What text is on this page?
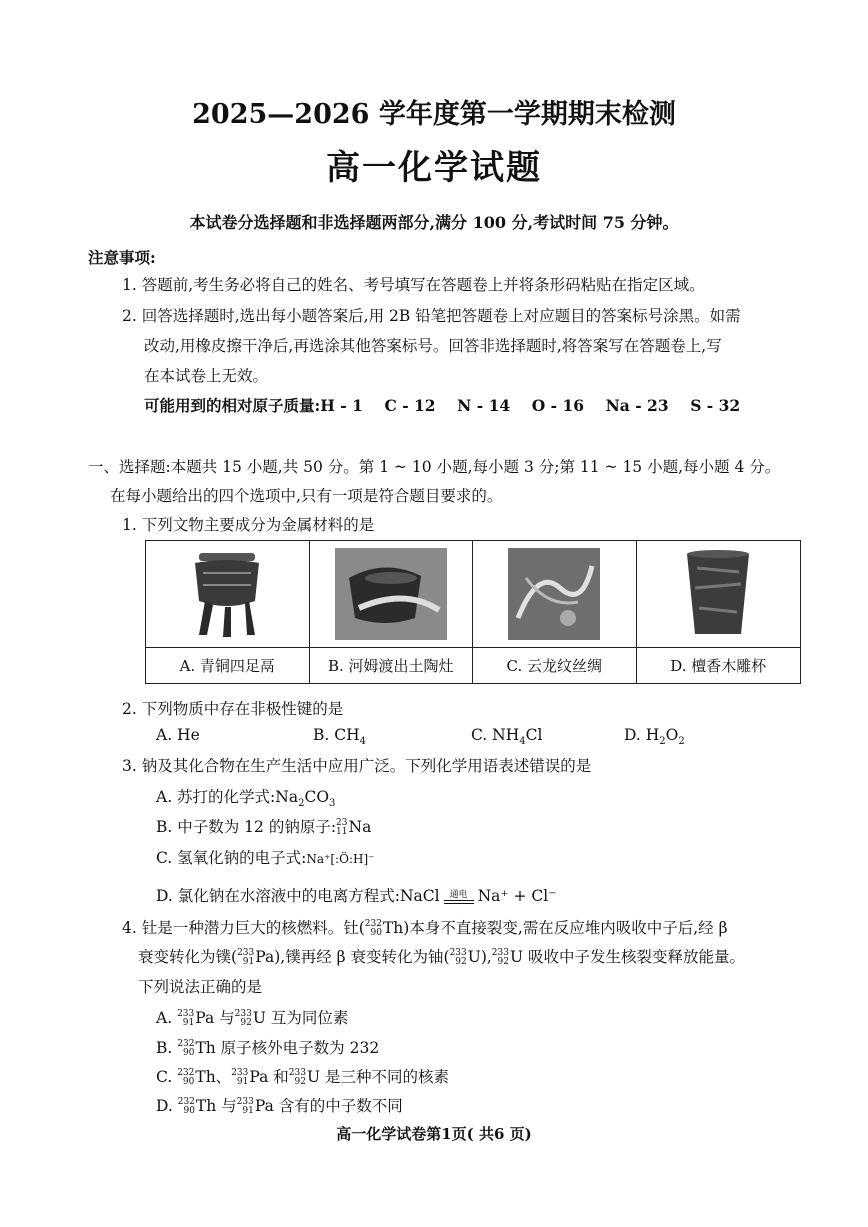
2025—2026 学年度第一学期期末检测
高一化学试题
本试卷分选择题和非选择题两部分,满分 100 分,考试时间 75 分钟。
注意事项:
1. 答题前,考生务必将自己的姓名、考号填写在答题卷上并将条形码粘贴在指定区域。
2. 回答选择题时,选出每小题答案后,用 2B 铅笔把答题卷上对应题目的答案标号涂黑。如需
改动,用橡皮擦干净后,再选涂其他答案标号。回答非选择题时,将答案写在答题卷上,写
在本试卷上无效。
可能用到的相对原子质量:H - 1    C - 12    N - 14    O - 16    Na - 23    S - 32
一、选择题:本题共 15 小题,共 50 分。第 1 ~ 10 小题,每小题 3 分;第 11 ~ 15 小题,每小题 4 分。
在每小题给出的四个选项中,只有一项是符合题目要求的。
1. 下列文物主要成分为金属材料的是
A. 青铜四足鬲	B. 河姆渡出土陶灶	C. 云龙纹丝绸	D. 檀香木雕杯
2. 下列物质中存在非极性键的是
A. He	B. $CH_4$	C. $NH_4Cl$	D. $H_2O_2$
3. 钠及其化合物在生产生活中应用广泛。下列化学用语表述错误的是
A. 苏打的化学式$:Na_2CO_3$
B. 中子数为 12 的钠原子: 23
11 Na
C. 氢氧化钠的电子式:Na⁺[:Ö:H]⁻
D. 氯化钠在水溶液中的电离方程式:NaCl 通电 Na⁺ + Cl⁻
4. 钍是一种潜力巨大的核燃料。钍( 232
90 Th)本身不直接裂变,需在反应堆内吸收中子后,经 β
衰变转化为镤( 233
91 Pa),镤再经 β 衰变转化为铀( 233
92 U), 233
92 U 吸收中子发生核裂变释放能量。
下列说法正确的是
A. 233
91 Pa 与 233
92 U 互为同位素
B. 232
90 Th 原子核外电子数为 232
C. 232
90 Th、 233
91 Pa 和 233
92 U 是三种不同的核素
D. 232
90 Th 与 233
91 Pa 含有的中子数不同
高一化学试卷第1页( 共6 页)
